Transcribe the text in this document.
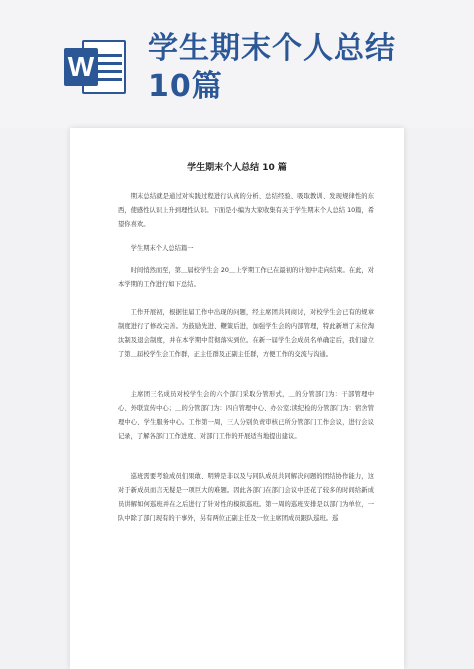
W
学生期末个人总结
10篇
学生期末个人总结 10 篇

期末总结就是通过对实践过程进行认真的分析、总结经验、吸取教训、发现规律性的东西，使感性认识上升到理性认识。下面是小编为大家收集有关于学生期末个人总结 10篇，希望你喜欢。

学生期末个人总结篇一

时间悄然而至，第＿届校学生会 20＿上学期工作已在最初的计划中走向结束。在此，对本学期的工作进行如下总结。

工作开展初，根据往届工作中出现的问题，经主席团共同商讨，对校学生会已有的规章制度进行了修改完善。为鼓励先进、鞭策后进，加强学生会的内部管理，特此新增了末位淘汰制及退会制度，并在本学期中贯彻落实到位。在新一届学生会成员名单确定后，我们建立了第＿届校学生会工作群，正主任群及正副主任群，方便工作的交流与沟通。

主席团三名成员对校学生会的六个部门采取分管形式，＿的分管部门为：干部管理中心、外联宣传中心；＿的分管部门为：四自管理中心、办公室;读纪检的分管部门为：宿舍管理中心、学生服务中心。工作第一周，三人分别负责审核已所分管部门工作会议，进行会议记录，了解各部门工作进度、对部门工作的开展适当地提出建议。

巡班需要考验成员们果敢、明辨是非以及与同队成员共同解决问题的团结协作能力，这对于新成员而言无疑是一项巨大的难题。因此各部门在部门会议中还花了较多的时间给新成员讲解如何巡班并在之后进行了针对性的模拟巡班。第一周的巡班安排是以部门为单位，一队中除了部门现有的干事外，另有两位正副主任及一位主席团成员跟队巡班。巡
